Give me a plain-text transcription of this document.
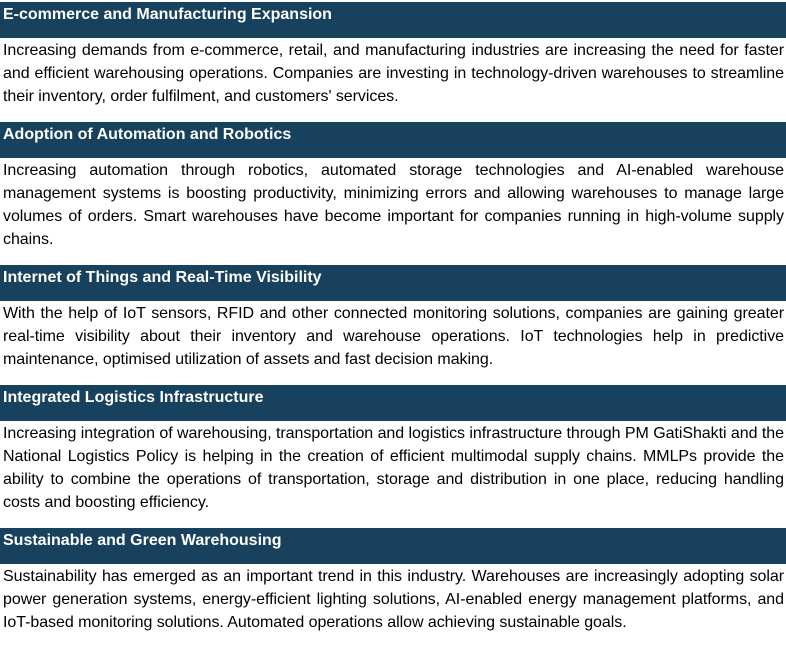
E-commerce and Manufacturing Expansion
Increasing demands from e-commerce, retail, and manufacturing industries are increasing the need for faster and efficient warehousing operations. Companies are investing in technology-driven warehouses to streamline their inventory, order fulfilment, and customers' services.
Adoption of Automation and Robotics
Increasing automation through robotics, automated storage technologies and AI-enabled warehouse management systems is boosting productivity, minimizing errors and allowing warehouses to manage large volumes of orders. Smart warehouses have become important for companies running in high-volume supply chains.
Internet of Things and Real-Time Visibility
With the help of IoT sensors, RFID and other connected monitoring solutions, companies are gaining greater real-time visibility about their inventory and warehouse operations. IoT technologies help in predictive maintenance, optimised utilization of assets and fast decision making.
Integrated Logistics Infrastructure
Increasing integration of warehousing, transportation and logistics infrastructure through PM GatiShakti and the National Logistics Policy is helping in the creation of efficient multimodal supply chains. MMLPs provide the ability to combine the operations of transportation, storage and distribution in one place, reducing handling costs and boosting efficiency.
Sustainable and Green Warehousing
Sustainability has emerged as an important trend in this industry. Warehouses are increasingly adopting solar power generation systems, energy-efficient lighting solutions, AI-enabled energy management platforms, and IoT-based monitoring solutions. Automated operations allow achieving sustainable goals.
